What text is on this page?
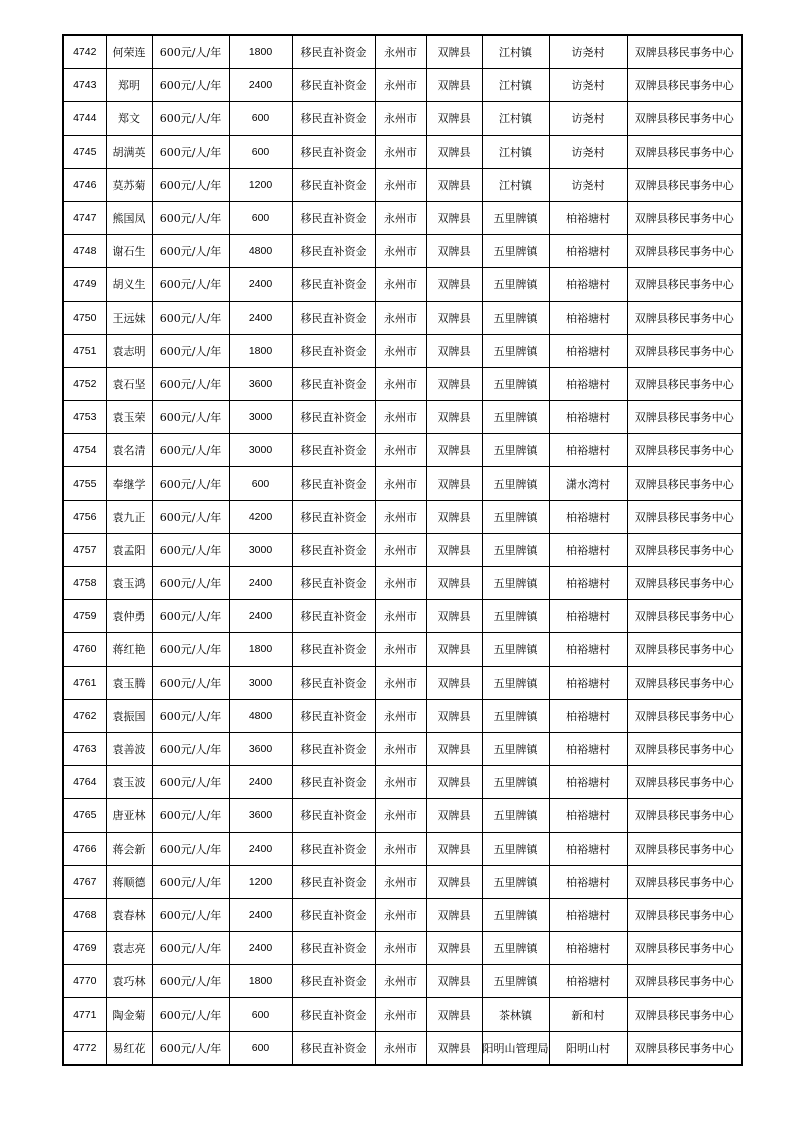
4742	何荣连	600元/人/年	1800	移民直补资金	永州市	双牌县	江村镇	访尧村	双牌县移民事务中心
4743	郑明	600元/人/年	2400	移民直补资金	永州市	双牌县	江村镇	访尧村	双牌县移民事务中心
4744	郑文	600元/人/年	600	移民直补资金	永州市	双牌县	江村镇	访尧村	双牌县移民事务中心
4745	胡满英	600元/人/年	600	移民直补资金	永州市	双牌县	江村镇	访尧村	双牌县移民事务中心
4746	莫苏菊	600元/人/年	1200	移民直补资金	永州市	双牌县	江村镇	访尧村	双牌县移民事务中心
4747	熊国凤	600元/人/年	600	移民直补资金	永州市	双牌县	五里牌镇	柏裕塘村	双牌县移民事务中心
4748	谢石生	600元/人/年	4800	移民直补资金	永州市	双牌县	五里牌镇	柏裕塘村	双牌县移民事务中心
4749	胡义生	600元/人/年	2400	移民直补资金	永州市	双牌县	五里牌镇	柏裕塘村	双牌县移民事务中心
4750	王远妹	600元/人/年	2400	移民直补资金	永州市	双牌县	五里牌镇	柏裕塘村	双牌县移民事务中心
4751	袁志明	600元/人/年	1800	移民直补资金	永州市	双牌县	五里牌镇	柏裕塘村	双牌县移民事务中心
4752	袁石坚	600元/人/年	3600	移民直补资金	永州市	双牌县	五里牌镇	柏裕塘村	双牌县移民事务中心
4753	袁玉荣	600元/人/年	3000	移民直补资金	永州市	双牌县	五里牌镇	柏裕塘村	双牌县移民事务中心
4754	袁名清	600元/人/年	3000	移民直补资金	永州市	双牌县	五里牌镇	柏裕塘村	双牌县移民事务中心
4755	奉继学	600元/人/年	600	移民直补资金	永州市	双牌县	五里牌镇	潇水湾村	双牌县移民事务中心
4756	袁九正	600元/人/年	4200	移民直补资金	永州市	双牌县	五里牌镇	柏裕塘村	双牌县移民事务中心
4757	袁孟阳	600元/人/年	3000	移民直补资金	永州市	双牌县	五里牌镇	柏裕塘村	双牌县移民事务中心
4758	袁玉鸿	600元/人/年	2400	移民直补资金	永州市	双牌县	五里牌镇	柏裕塘村	双牌县移民事务中心
4759	袁仲勇	600元/人/年	2400	移民直补资金	永州市	双牌县	五里牌镇	柏裕塘村	双牌县移民事务中心
4760	蒋红艳	600元/人/年	1800	移民直补资金	永州市	双牌县	五里牌镇	柏裕塘村	双牌县移民事务中心
4761	袁玉腾	600元/人/年	3000	移民直补资金	永州市	双牌县	五里牌镇	柏裕塘村	双牌县移民事务中心
4762	袁振国	600元/人/年	4800	移民直补资金	永州市	双牌县	五里牌镇	柏裕塘村	双牌县移民事务中心
4763	袁善波	600元/人/年	3600	移民直补资金	永州市	双牌县	五里牌镇	柏裕塘村	双牌县移民事务中心
4764	袁玉波	600元/人/年	2400	移民直补资金	永州市	双牌县	五里牌镇	柏裕塘村	双牌县移民事务中心
4765	唐亚林	600元/人/年	3600	移民直补资金	永州市	双牌县	五里牌镇	柏裕塘村	双牌县移民事务中心
4766	蒋会新	600元/人/年	2400	移民直补资金	永州市	双牌县	五里牌镇	柏裕塘村	双牌县移民事务中心
4767	蒋顺德	600元/人/年	1200	移民直补资金	永州市	双牌县	五里牌镇	柏裕塘村	双牌县移民事务中心
4768	袁春林	600元/人/年	2400	移民直补资金	永州市	双牌县	五里牌镇	柏裕塘村	双牌县移民事务中心
4769	袁志亮	600元/人/年	2400	移民直补资金	永州市	双牌县	五里牌镇	柏裕塘村	双牌县移民事务中心
4770	袁巧林	600元/人/年	1800	移民直补资金	永州市	双牌县	五里牌镇	柏裕塘村	双牌县移民事务中心
4771	陶金菊	600元/人/年	600	移民直补资金	永州市	双牌县	茶林镇	新和村	双牌县移民事务中心
4772	易红花	600元/人/年	600	移民直补资金	永州市	双牌县	阳明山管理局	阳明山村	双牌县移民事务中心
